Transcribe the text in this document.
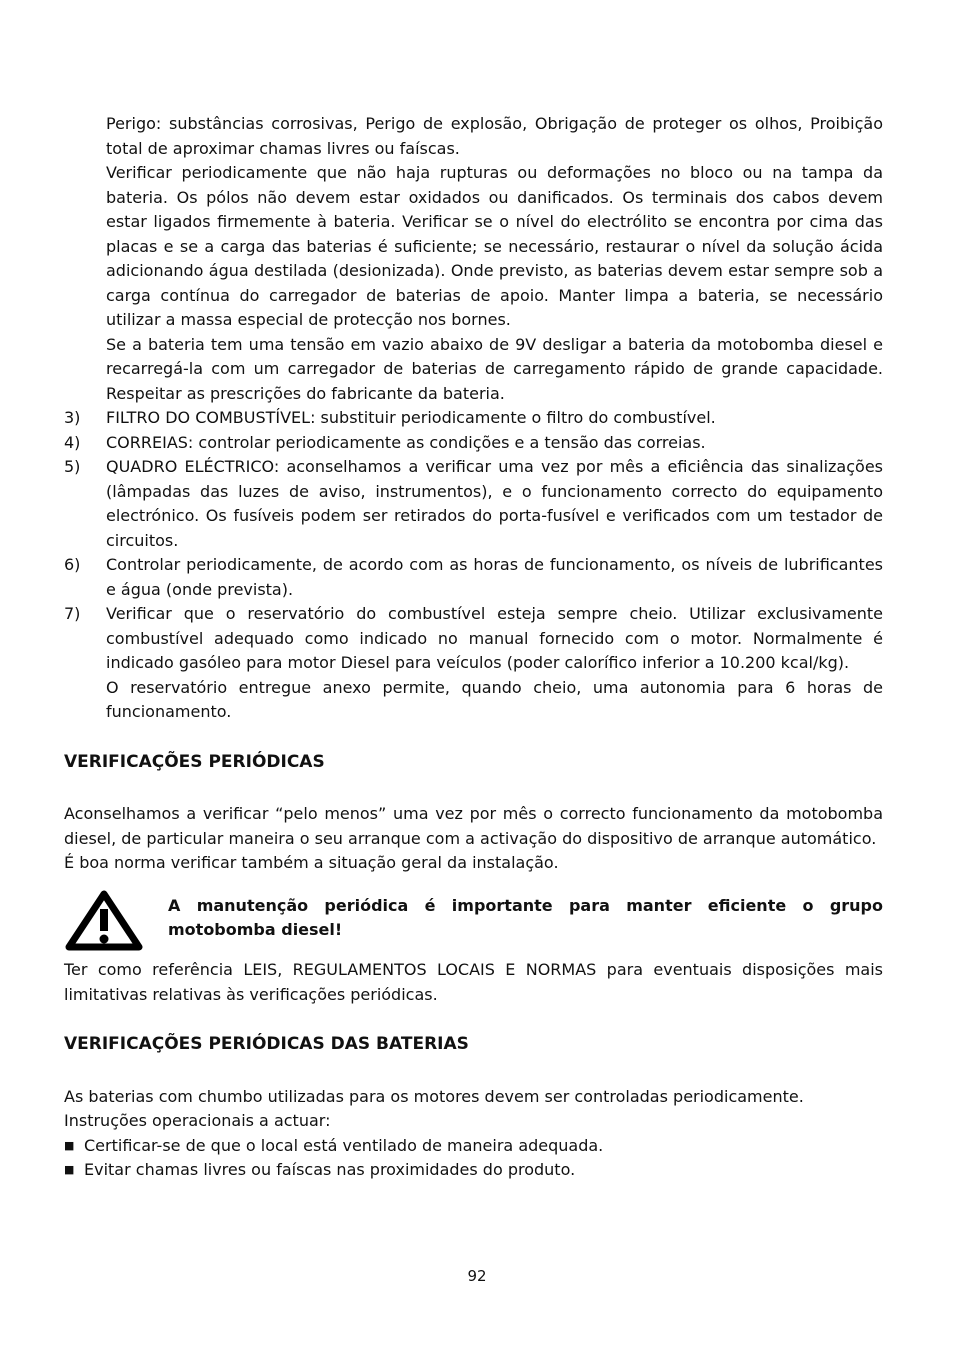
Perigo: substâncias corrosivas, Perigo de explosão, Obrigação de proteger os olhos, Proibição total de aproximar chamas livres ou faíscas.

Verificar periodicamente que não haja rupturas ou deformações no bloco ou na tampa da bateria. Os pólos não devem estar oxidados ou danificados. Os terminais dos cabos devem estar ligados firmemente à bateria. Verificar se o nível do electrólito se encontra por cima das placas e se a carga das baterias é suficiente; se necessário, restaurar o nível da solução ácida adicionando água destilada (desionizada). Onde previsto, as baterias devem estar sempre sob a carga contínua do carregador de baterias de apoio. Manter limpa a bateria, se necessário utilizar a massa especial de protecção nos bornes.

Se a bateria tem uma tensão em vazio abaixo de 9V desligar a bateria da motobomba diesel e recarregá-la com um carregador de baterias de carregamento rápido de grande capacidade. Respeitar as prescrições do fabricante da bateria.

3)	FILTRO DO COMBUSTÍVEL: substituir periodicamente o filtro do combustível.
4)	CORREIAS: controlar periodicamente as condições e a tensão das correias.
5)	QUADRO ELÉCTRICO: aconselhamos a verificar uma vez por mês a eficiência das sinalizações (lâmpadas das luzes de aviso, instrumentos), e o funcionamento correcto do equipamento electrónico. Os fusíveis podem ser retirados do porta-fusível e verificados com um testador de circuitos.
6)	Controlar periodicamente, de acordo com as horas de funcionamento, os níveis de lubrificantes e água (onde prevista).
7)	Verificar que o reservatório do combustível esteja sempre cheio. Utilizar exclusivamente combustível adequado como indicado no manual fornecido com o motor. Normalmente é indicado gasóleo para motor Diesel para veículos (poder calorífico inferior a 10.200 kcal/kg).

O reservatório entregue anexo permite, quando cheio, uma autonomia para 6 horas de funcionamento.

VERIFICAÇÕES PERIÓDICAS

Aconselhamos a verificar “pelo menos” uma vez por mês o correcto funcionamento da motobomba diesel, de particular maneira o seu arranque com a activação do dispositivo de arranque automático.

É boa norma verificar também a situação geral da instalação.

A manutenção periódica é importante para manter eficiente o grupo motobomba diesel!

Ter como referência LEIS, REGULAMENTOS LOCAIS E NORMAS para eventuais disposições mais limitativas relativas às verificações periódicas.

VERIFICAÇÕES PERIÓDICAS DAS BATERIAS

As baterias com chumbo utilizadas para os motores devem ser controladas periodicamente.

Instruções operacionais a actuar:

■ Certificar-se de que o local está ventilado de maneira adequada.
■ Evitar chamas livres ou faíscas nas proximidades do produto.
92
